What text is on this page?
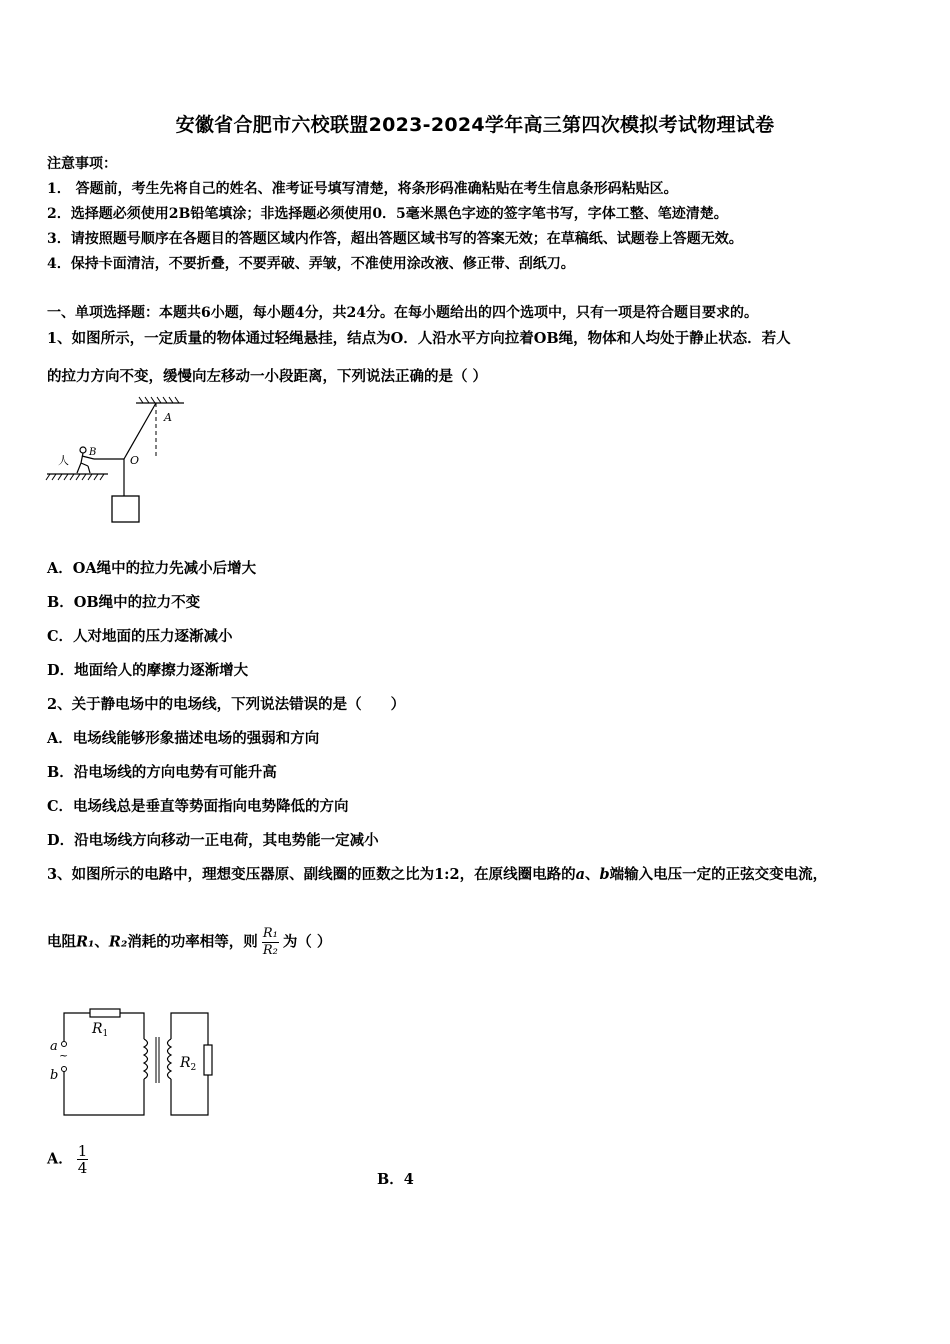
安徽省合肥市六校联盟2023-2024学年高三第四次模拟考试物理试卷
注意事项：
1． 答题前，考生先将自己的姓名、准考证号填写清楚，将条形码准确粘贴在考生信息条形码粘贴区。
2．选择题必须使用2B铅笔填涂；非选择题必须使用0．5毫米黑色字迹的签字笔书写，字体工整、笔迹清楚。
3．请按照题号顺序在各题目的答题区域内作答，超出答题区域书写的答案无效；在草稿纸、试题卷上答题无效。
4．保持卡面清洁，不要折叠，不要弄破、弄皱，不准使用涂改液、修正带、刮纸刀。
一、单项选择题：本题共6小题，每小题4分，共24分。在每小题给出的四个选项中，只有一项是符合题目要求的。
1、如图所示，一定质量的物体通过轻绳悬挂，结点为O．人沿水平方向拉着OB绳，物体和人均处于静止状态．若人
的拉力方向不变，缓慢向左移动一小段距离，下列说法正确的是（ ）
A
O
B
人
A．OA绳中的拉力先减小后增大
B．OB绳中的拉力不变
C．人对地面的压力逐渐减小
D．地面给人的摩擦力逐渐增大
2、关于静电场中的电场线，下列说法错误的是（　　）
A．电场线能够形象描述电场的强弱和方向
B．沿电场线的方向电势有可能升高
C．电场线总是垂直等势面指向电势降低的方向
D．沿电场线方向移动一正电荷，其电势能一定减小
3、如图所示的电路中，理想变压器原、副线圈的匝数之比为1:2，在原线圈电路的a、b端输入电压一定的正弦交变电流，
电阻R₁、R₂消耗的功率相等，则 $\frac{\text{R₁}}{\text{R₂}}$ 为（ ）
~
a
b
$R_1$
$R_2$
A． $\frac{1}{4}$
B．4
